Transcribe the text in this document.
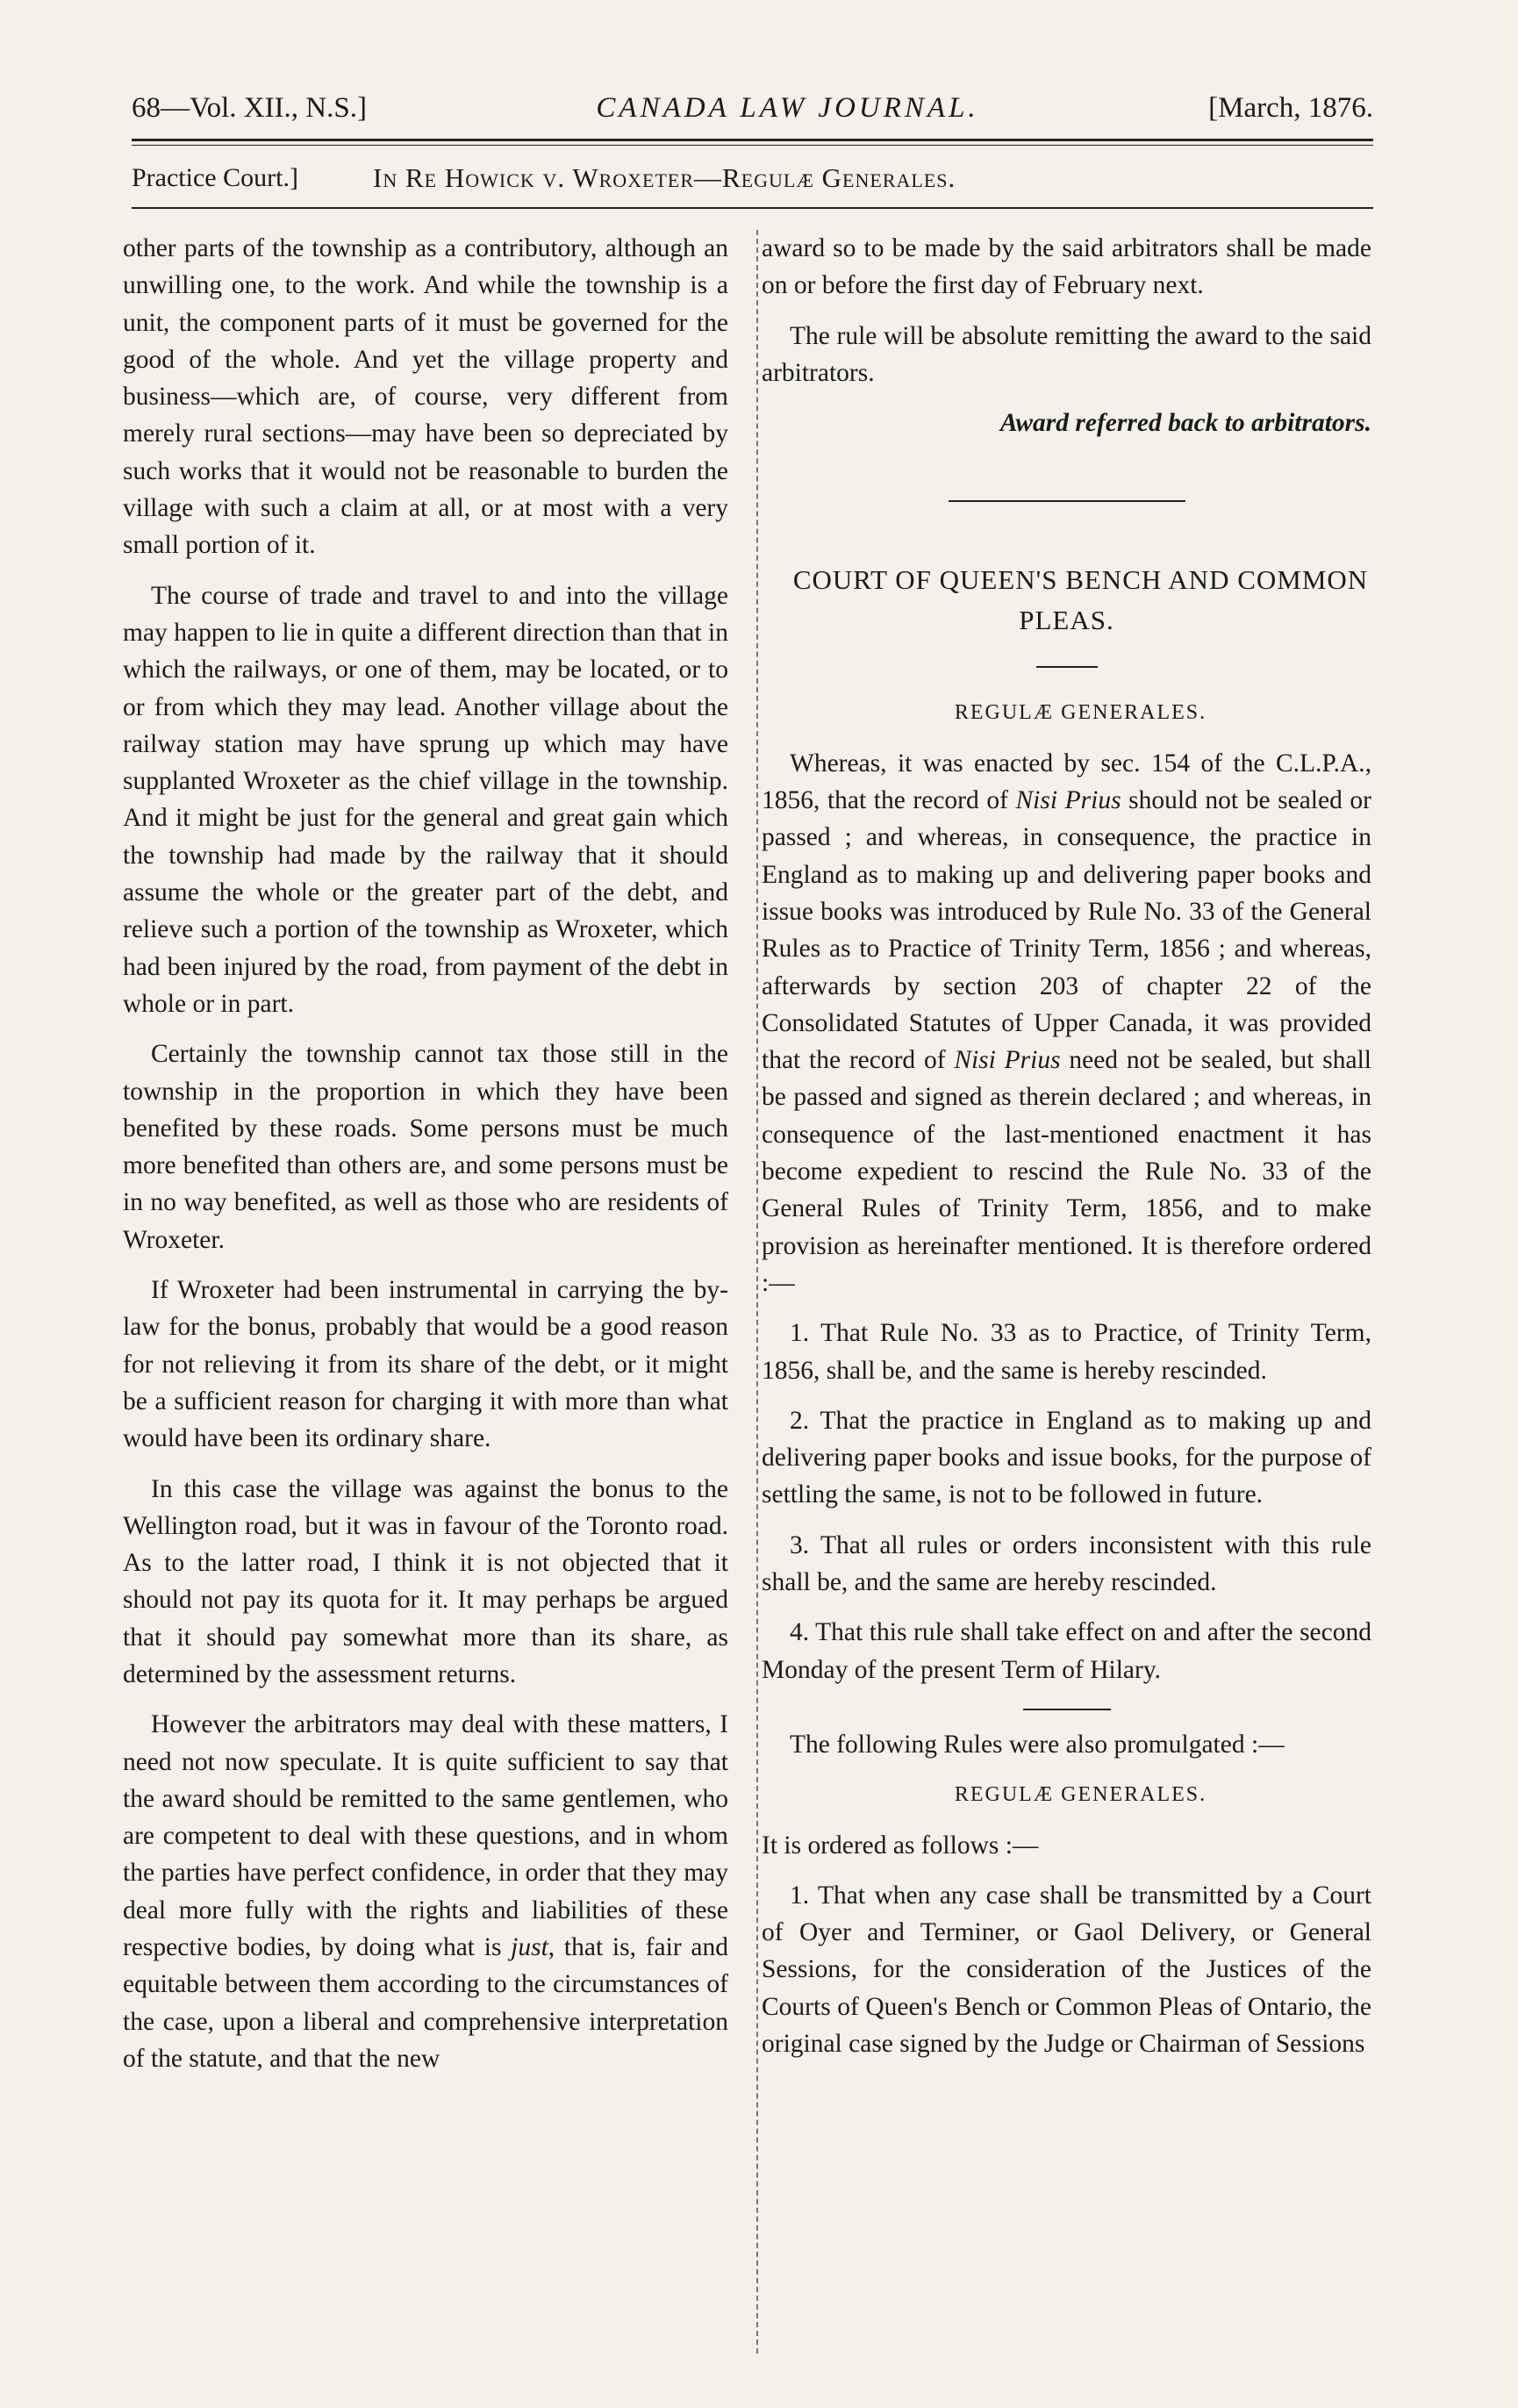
68—Vol. XII., N.S.]	CANADA LAW JOURNAL.	[March, 1876.
Practice Court.]	In Re Howick v. Wroxeter—Regulæ Generales.

other parts of the township as a contributory, although an unwilling one, to the work. And while the township is a unit, the component parts of it must be governed for the good of the whole. And yet the village property and business—which are, of course, very different from merely rural sections—may have been so depreciated by such works that it would not be reasonable to burden the village with such a claim at all, or at most with a very small portion of it.

The course of trade and travel to and into the village may happen to lie in quite a different direction than that in which the railways, or one of them, may be located, or to or from which they may lead. Another village about the railway station may have sprung up which may have supplanted Wroxeter as the chief village in the township. And it might be just for the general and great gain which the township had made by the railway that it should assume the whole or the greater part of the debt, and relieve such a portion of the township as Wroxeter, which had been injured by the road, from payment of the debt in whole or in part.

Certainly the township cannot tax those still in the township in the proportion in which they have been benefited by these roads. Some persons must be much more benefited than others are, and some persons must be in no way benefited, as well as those who are residents of Wroxeter.

If Wroxeter had been instrumental in carrying the by-law for the bonus, probably that would be a good reason for not relieving it from its share of the debt, or it might be a sufficient reason for charging it with more than what would have been its ordinary share.

In this case the village was against the bonus to the Wellington road, but it was in favour of the Toronto road. As to the latter road, I think it is not objected that it should not pay its quota for it. It may perhaps be argued that it should pay somewhat more than its share, as determined by the assessment returns.

However the arbitrators may deal with these matters, I need not now speculate. It is quite sufficient to say that the award should be remitted to the same gentlemen, who are competent to deal with these questions, and in whom the parties have perfect confidence, in order that they may deal more fully with the rights and liabilities of these respective bodies, by doing what is just, that is, fair and equitable between them according to the circumstances of the case, upon a liberal and comprehensive interpretation of the statute, and that the new

award so to be made by the said arbitrators shall be made on or before the first day of February next.

The rule will be absolute remitting the award to the said arbitrators.

Award referred back to arbitrators.

COURT OF QUEEN'S BENCH AND COMMON PLEAS.

REGULÆ GENERALES.

Whereas, it was enacted by sec. 154 of the C.L.P.A., 1856, that the record of Nisi Prius should not be sealed or passed ; and whereas, in consequence, the practice in England as to making up and delivering paper books and issue books was introduced by Rule No. 33 of the General Rules as to Practice of Trinity Term, 1856 ; and whereas, afterwards by section 203 of chapter 22 of the Consolidated Statutes of Upper Canada, it was provided that the record of Nisi Prius need not be sealed, but shall be passed and signed as therein declared ; and whereas, in consequence of the last-mentioned enactment it has become expedient to rescind the Rule No. 33 of the General Rules of Trinity Term, 1856, and to make provision as hereinafter mentioned. It is therefore ordered :—

1. That Rule No. 33 as to Practice, of Trinity Term, 1856, shall be, and the same is hereby rescinded.

2. That the practice in England as to making up and delivering paper books and issue books, for the purpose of settling the same, is not to be followed in future.

3. That all rules or orders inconsistent with this rule shall be, and the same are hereby rescinded.

4. That this rule shall take effect on and after the second Monday of the present Term of Hilary.

The following Rules were also promulgated :—

REGULÆ GENERALES.

It is ordered as follows :—

1. That when any case shall be transmitted by a Court of Oyer and Terminer, or Gaol Delivery, or General Sessions, for the consideration of the Justices of the Courts of Queen's Bench or Common Pleas of Ontario, the original case signed by the Judge or Chairman of Sessions
